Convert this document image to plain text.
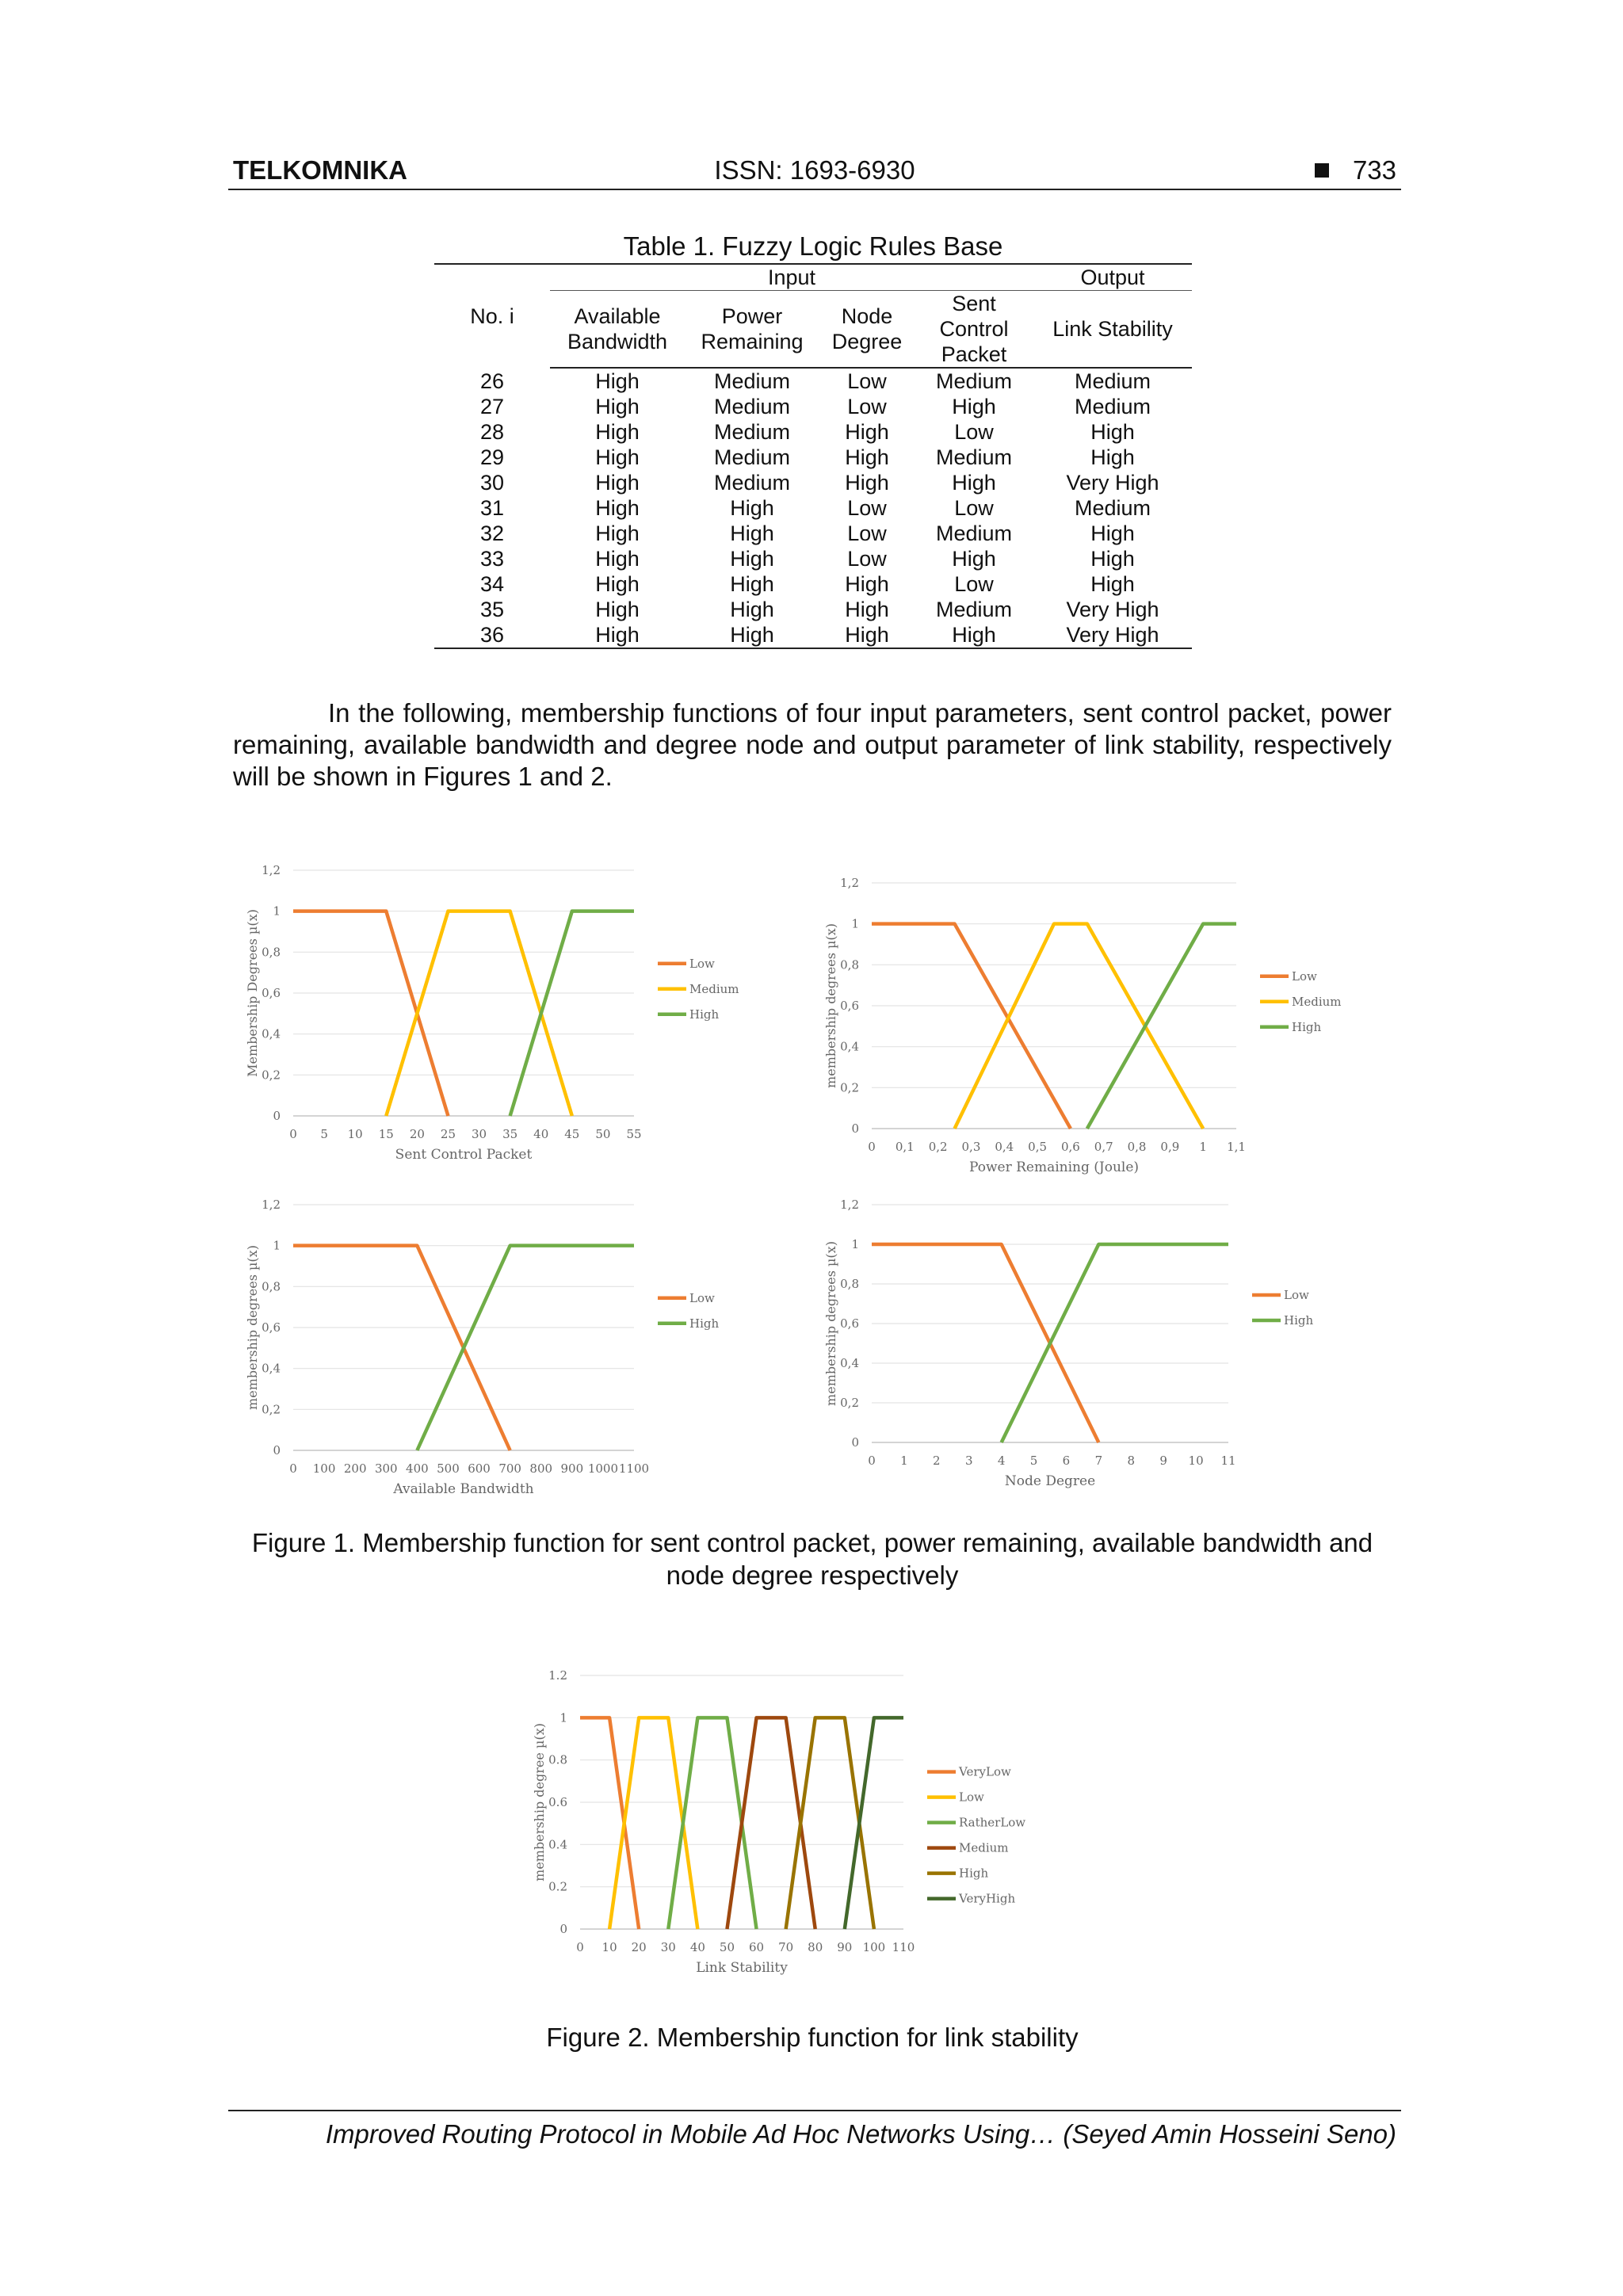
TELKOMNIKA	ISSN: 1693-6930	733
Table 1. Fuzzy Logic Rules Base
No. i	Input				Output
	Available Bandwidth	Power Remaining	Node Degree	Sent Control Packet	Link Stability
26	High	Medium	Low	Medium	Medium
27	High	Medium	Low	High	Medium
28	High	Medium	High	Low	High
29	High	Medium	High	Medium	High
30	High	Medium	High	High	Very High
31	High	High	Low	Low	Medium
32	High	High	Low	Medium	High
33	High	High	Low	High	High
34	High	High	High	Low	High
35	High	High	High	Medium	Very High
36	High	High	High	High	Very High
In the following, membership functions of four input parameters, sent control packet, power remaining, available bandwidth and degree node and output parameter of link stability, respectively will be shown in Figures 1 and 2.
0
0,2
0,4
0,6
0,8
1
1,2
0 5 10 15 20 25 30 35 40 45 50 55
Sent Control Packet
Membership Degrees µ(x)	Low
Medium
High
0
0,2
0,4
0,6
0,8
1
1,2
0 0,1 0,2 0,3 0,4 0,5 0,6 0,7 0,8 0,9 1 1,1
Power Remaining (Joule)
membership degrees µ(x)	Low
Medium
High
0
0,2
0,4
0,6
0,8
1
1,2
0 100 200 300 400 500 600 700 800 900 1000 1100
Available Bandwidth
membership degrees µ(x)	Low
High
0
0,2
0,4
0,6
0,8
1
1,2
0 1 2 3 4 5 6 7 8 9 10 11
Node Degree
membership degrees µ(x)	Low
High
Figure 1. Membership function for sent control packet, power remaining, available bandwidth and node degree respectively
0
0.2
0.4
0.6
0.8
1
1.2
0 10 20 30 40 50 60 70 80 90 100 110
Link Stability
membership degree µ(x)	VeryLow
Low
RatherLow
Medium
High
VeryHigh
Figure 2. Membership function for link stability
Improved Routing Protocol in Mobile Ad Hoc Networks Using… (Seyed Amin Hosseini Seno)
